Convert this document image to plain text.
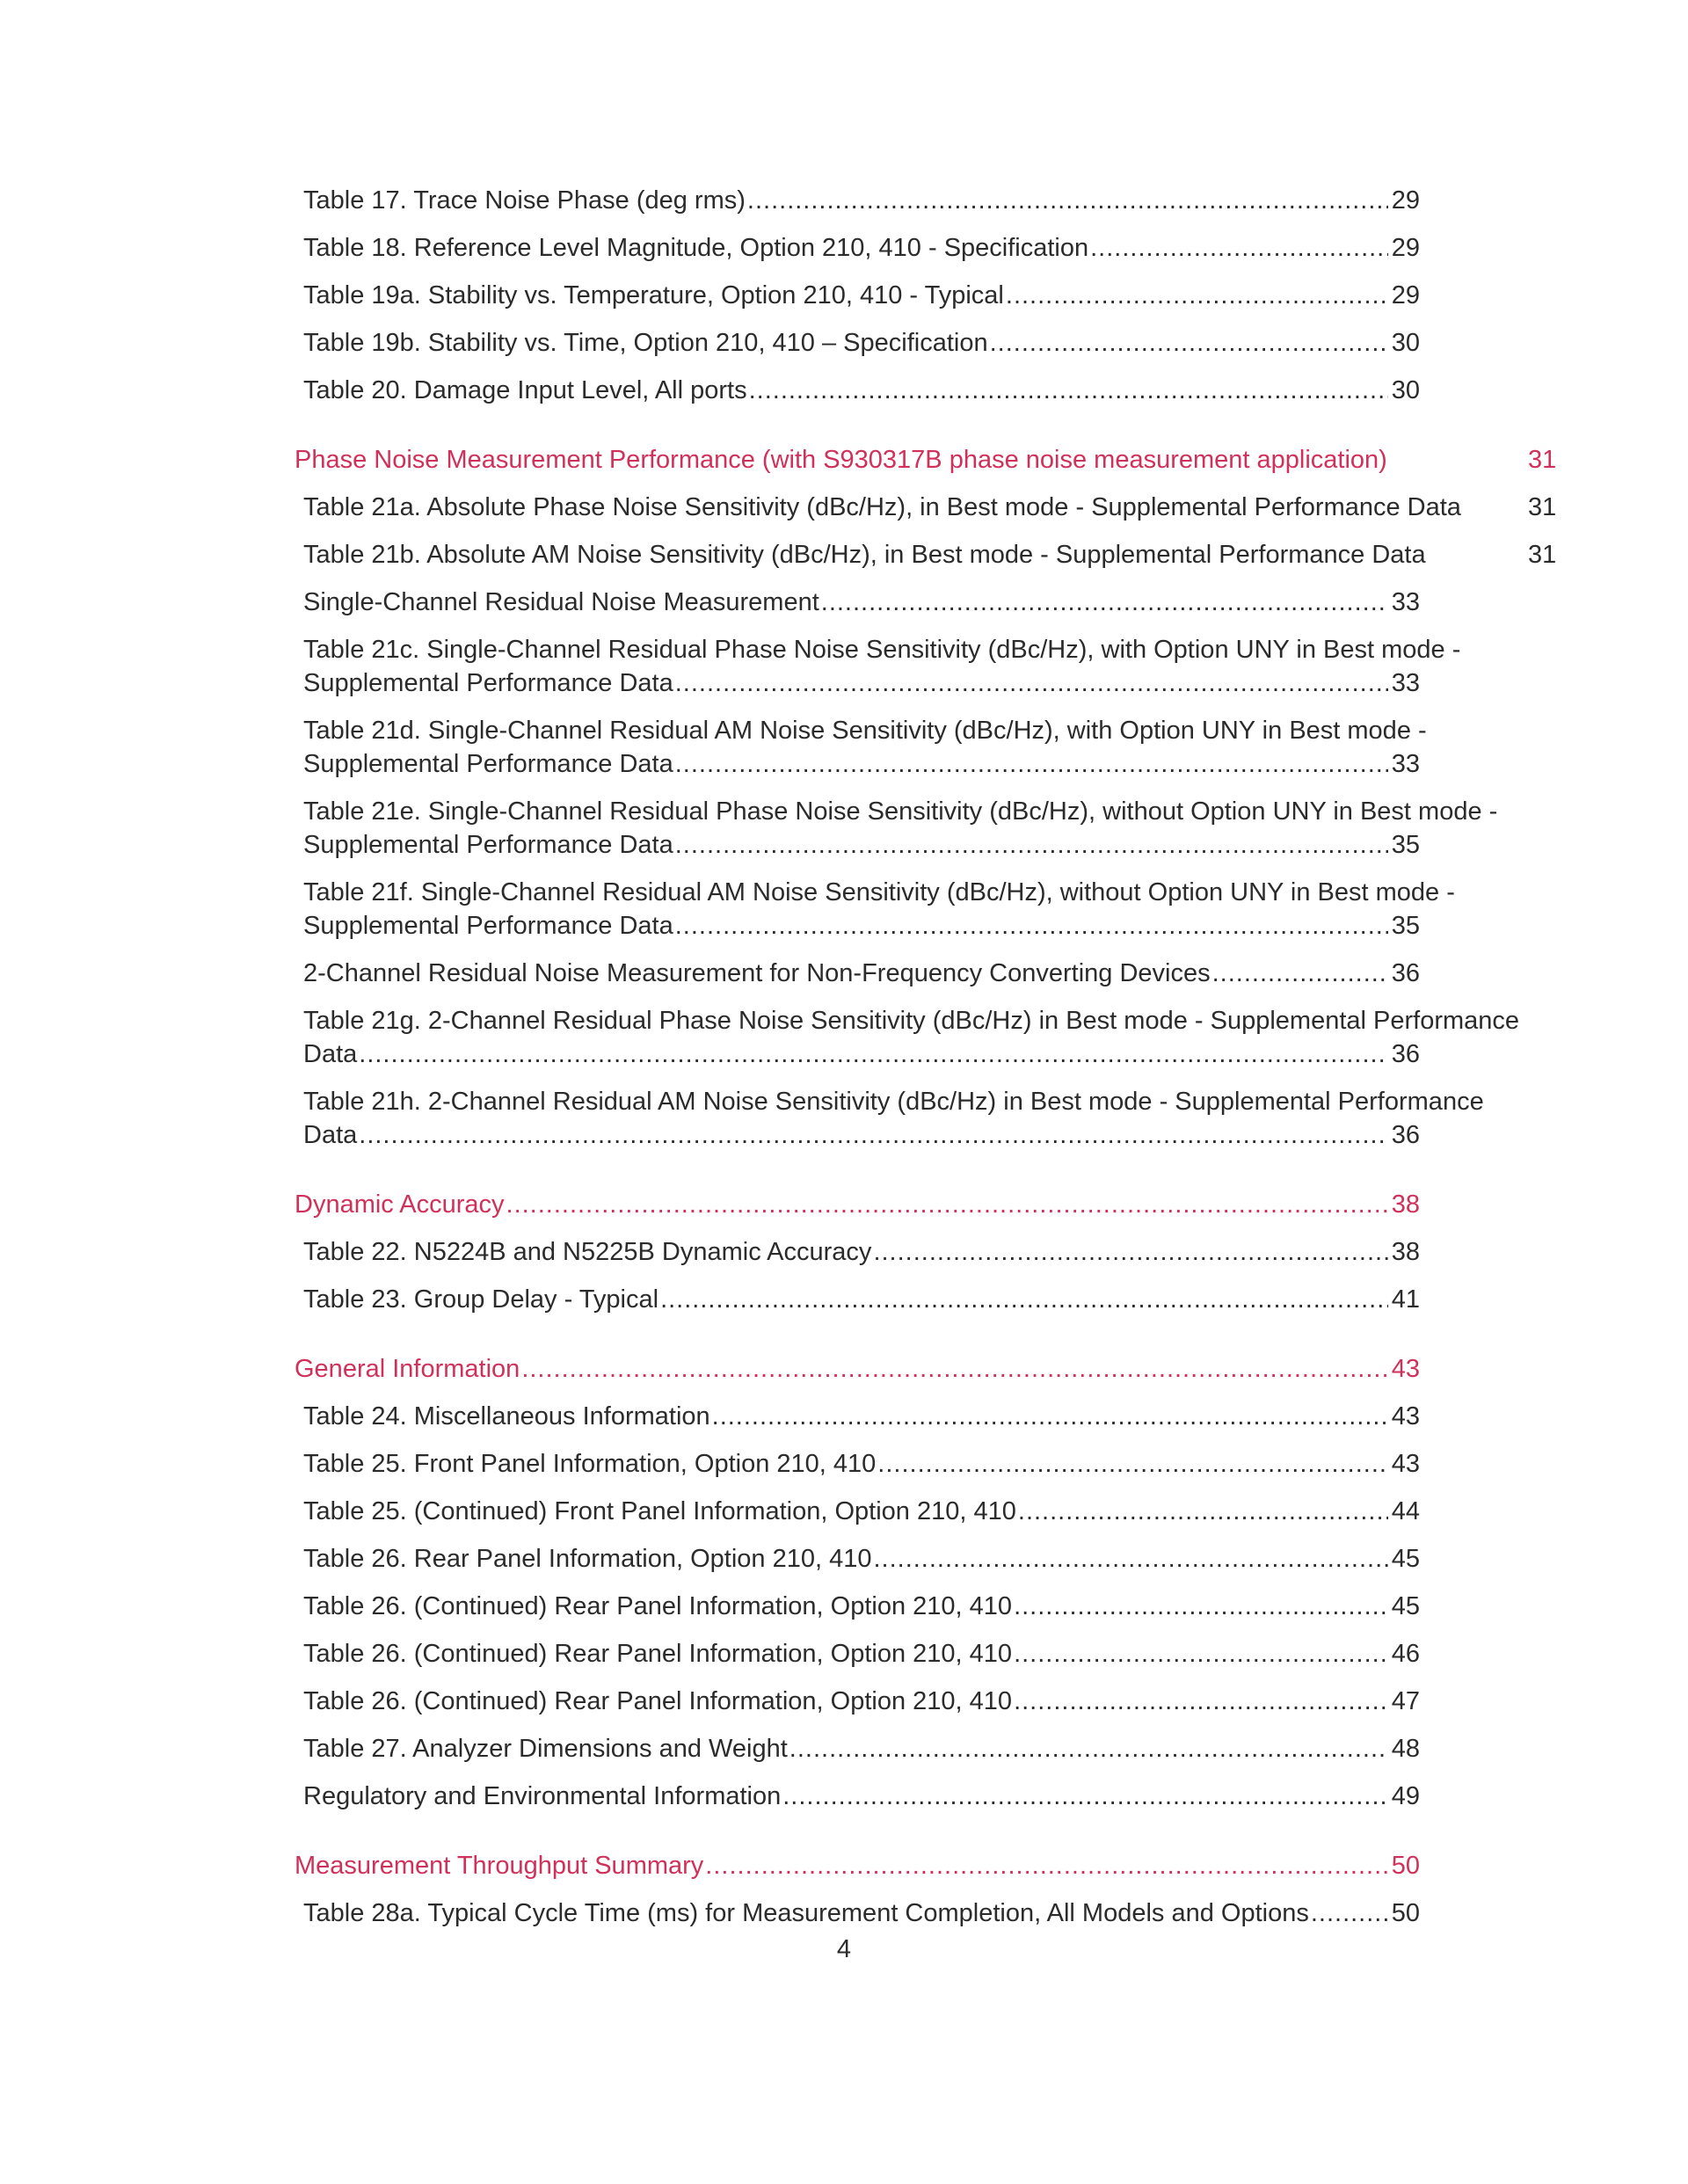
Table 17. Trace Noise Phase (deg rms) .....	29
Table 18. Reference Level Magnitude, Option 210, 410 - Specification .....	29
Table 19a. Stability vs. Temperature, Option 210, 410 - Typical .....	29
Table 19b. Stability vs. Time, Option 210, 410 – Specification .....	30
Table 20. Damage Input Level, All ports .....	30
Phase Noise Measurement Performance (with S930317B phase noise measurement application)	31
Table 21a. Absolute Phase Noise Sensitivity (dBc/Hz), in Best mode - Supplemental Performance Data	31
Table 21b. Absolute AM Noise Sensitivity (dBc/Hz), in Best mode - Supplemental Performance Data	31
Single-Channel Residual Noise Measurement .....	33
Table 21c. Single-Channel Residual Phase Noise Sensitivity (dBc/Hz), with Option UNY in Best mode -
Supplemental Performance Data .....	33
Table 21d. Single-Channel Residual AM Noise Sensitivity (dBc/Hz), with Option UNY in Best mode -
Supplemental Performance Data .....	33
Table 21e. Single-Channel Residual Phase Noise Sensitivity (dBc/Hz), without Option UNY in Best mode -
Supplemental Performance Data .....	35
Table 21f. Single-Channel Residual AM Noise Sensitivity (dBc/Hz), without Option UNY in Best mode -
Supplemental Performance Data .....	35
2-Channel Residual Noise Measurement for Non-Frequency Converting Devices .....	36
Table 21g. 2-Channel Residual Phase Noise Sensitivity (dBc/Hz) in Best mode - Supplemental Performance
Data .....	36
Table 21h. 2-Channel Residual AM Noise Sensitivity (dBc/Hz) in Best mode - Supplemental Performance
Data .....	36
Dynamic Accuracy .....	38
Table 22. N5224B and N5225B Dynamic Accuracy .....	38
Table 23. Group Delay - Typical .....	41
General Information .....	43
Table 24. Miscellaneous Information .....	43
Table 25. Front Panel Information, Option 210, 410 .....	43
Table 25. (Continued) Front Panel Information, Option 210, 410 .....	44
Table 26. Rear Panel Information, Option 210, 410 .....	45
Table 26. (Continued) Rear Panel Information, Option 210, 410 .....	45
Table 26. (Continued) Rear Panel Information, Option 210, 410 .....	46
Table 26. (Continued) Rear Panel Information, Option 210, 410 .....	47
Table 27. Analyzer Dimensions and Weight .....	48
Regulatory and Environmental Information .....	49
Measurement Throughput Summary .....	50
Table 28a. Typical Cycle Time (ms) for Measurement Completion, All Models and Options .....	50
4
